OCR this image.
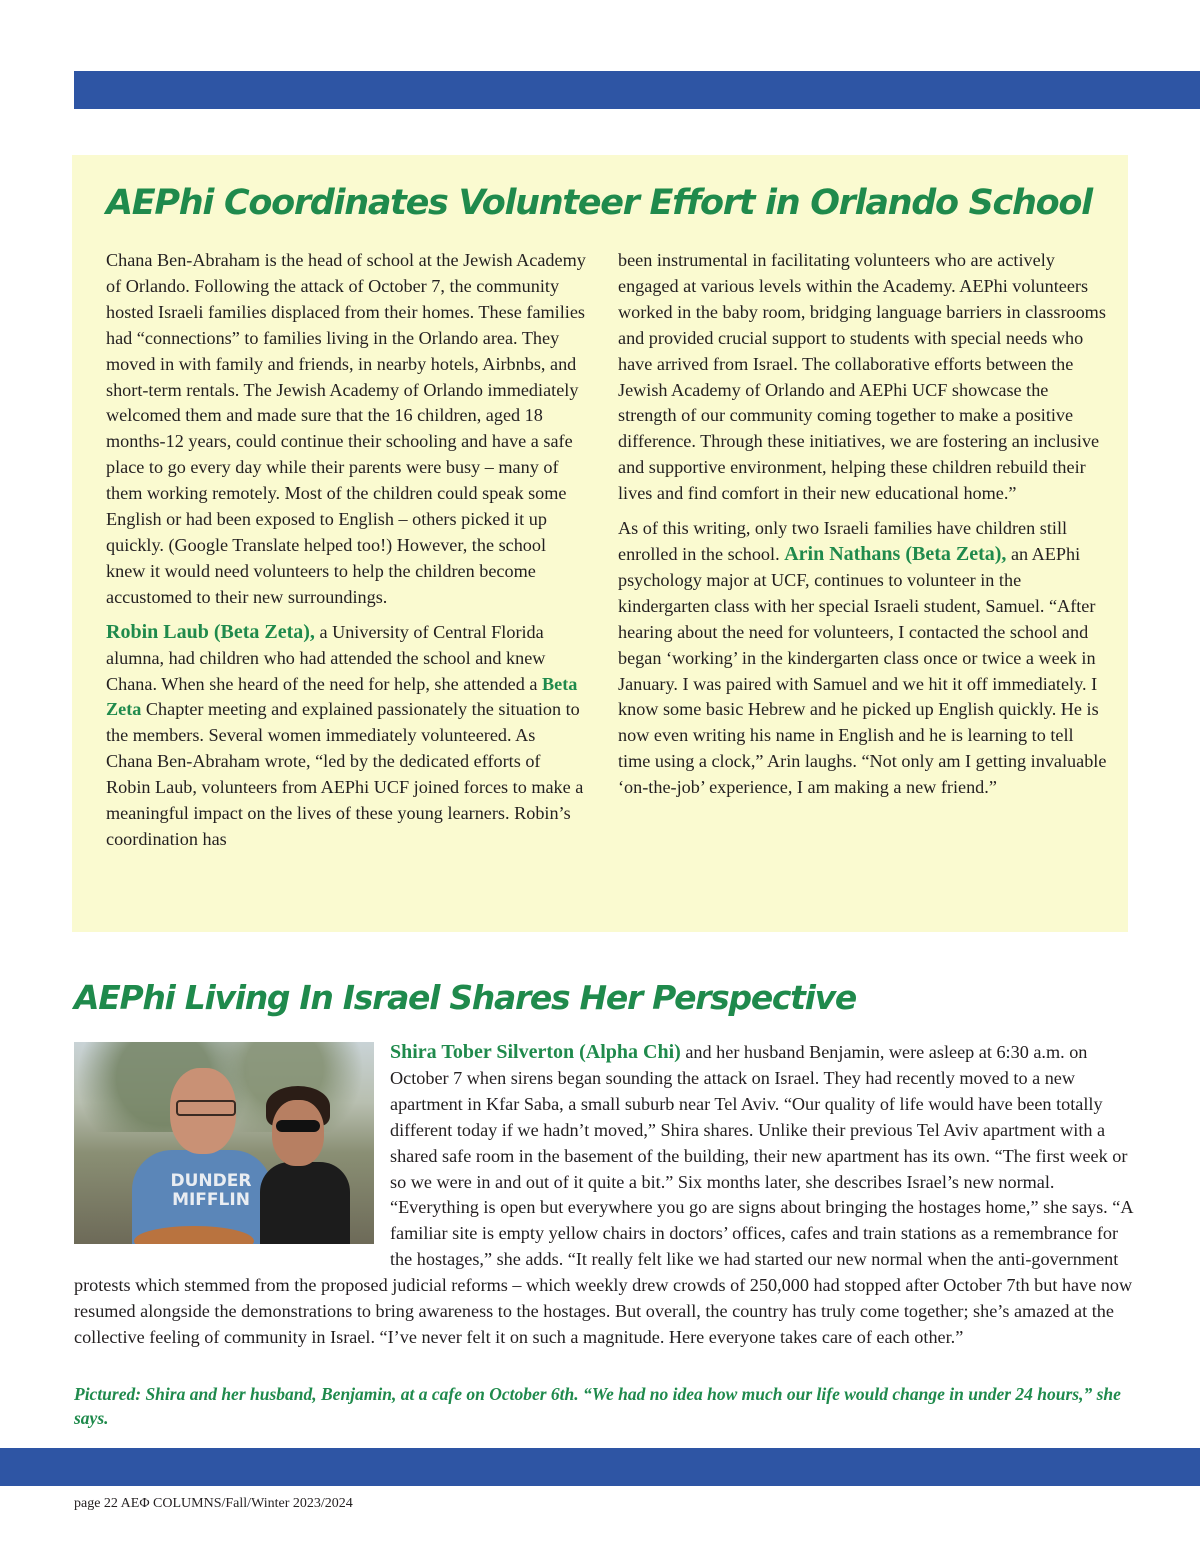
AEPhi Coordinates Volunteer Effort in Orlando School

Chana Ben-Abraham is the head of school at the Jewish Academy of Orlando. Following the attack of October 7, the community hosted Israeli families displaced from their homes. These families had “connections” to families living in the Orlando area. They moved in with family and friends, in nearby hotels, Airbnbs, and short-term rentals. The Jewish Academy of Orlando immediately welcomed them and made sure that the 16 children, aged 18 months-12 years, could continue their schooling and have a safe place to go every day while their parents were busy – many of them working remotely. Most of the children could speak some English or had been exposed to English – others picked it up quickly. (Google Translate helped too!) However, the school knew it would need volunteers to help the children become accustomed to their new surroundings.

Robin Laub (Beta Zeta), a University of Central Florida alumna, had children who had attended the school and knew Chana. When she heard of the need for help, she attended a Beta Zeta Chapter meeting and explained passionately the situation to the members. Several women immediately volunteered. As Chana Ben-Abraham wrote, “led by the dedicated efforts of Robin Laub, volunteers from AEPhi UCF joined forces to make a meaningful impact on the lives of these young learners. Robin’s coordination has

been instrumental in facilitating volunteers who are actively engaged at various levels within the Academy. AEPhi volunteers worked in the baby room, bridging language barriers in classrooms and provided crucial support to students with special needs who have arrived from Israel. The collaborative efforts between the Jewish Academy of Orlando and AEPhi UCF showcase the strength of our community coming together to make a positive difference. Through these initiatives, we are fostering an inclusive and supportive environment, helping these children rebuild their lives and find comfort in their new educational home.”

As of this writing, only two Israeli families have children still enrolled in the school. Arin Nathans (Beta Zeta), an AEPhi psychology major at UCF, continues to volunteer in the kindergarten class with her special Israeli student, Samuel. “After hearing about the need for volunteers, I contacted the school and began ‘working’ in the kindergarten class once or twice a week in January. I was paired with Samuel and we hit it off immediately. I know some basic Hebrew and he picked up English quickly. He is now even writing his name in English and he is learning to tell time using a clock,” Arin laughs. “Not only am I getting invaluable ‘on-the-job’ experience, I am making a new friend.”

AEPhi Living In Israel Shares Her Perspective
DUNDER MIFFLIN
Shira Tober Silverton (Alpha Chi) and her husband Benjamin, were asleep at 6:30 a.m. on October 7 when sirens began sounding the attack on Israel. They had recently moved to a new apartment in Kfar Saba, a small suburb near Tel Aviv. “Our quality of life would have been totally different today if we hadn’t moved,” Shira shares. Unlike their previous Tel Aviv apartment with a shared safe room in the basement of the building, their new apartment has its own. “The first week or so we were in and out of it quite a bit.” Six months later, she describes Israel’s new normal. “Everything is open but everywhere you go are signs about bringing the hostages home,” she says. “A familiar site is empty yellow chairs in doctors’ offices, cafes and train stations as a remembrance for the hostages,” she adds. “It really felt like we had started our new normal when the anti-government protests which stemmed from the proposed judicial reforms – which weekly drew crowds of 250,000 had stopped after October 7th but have now resumed alongside the demonstrations to bring awareness to the hostages. But overall, the country has truly come together; she’s amazed at the collective feeling of community in Israel. “I’ve never felt it on such a magnitude. Here everyone takes care of each other.”

Pictured: Shira and her husband, Benjamin, at a cafe on October 6th. “We had no idea how much our life would change in under 24 hours,” she says.

page 22 AEΦ COLUMNS/Fall/Winter 2023/2024
